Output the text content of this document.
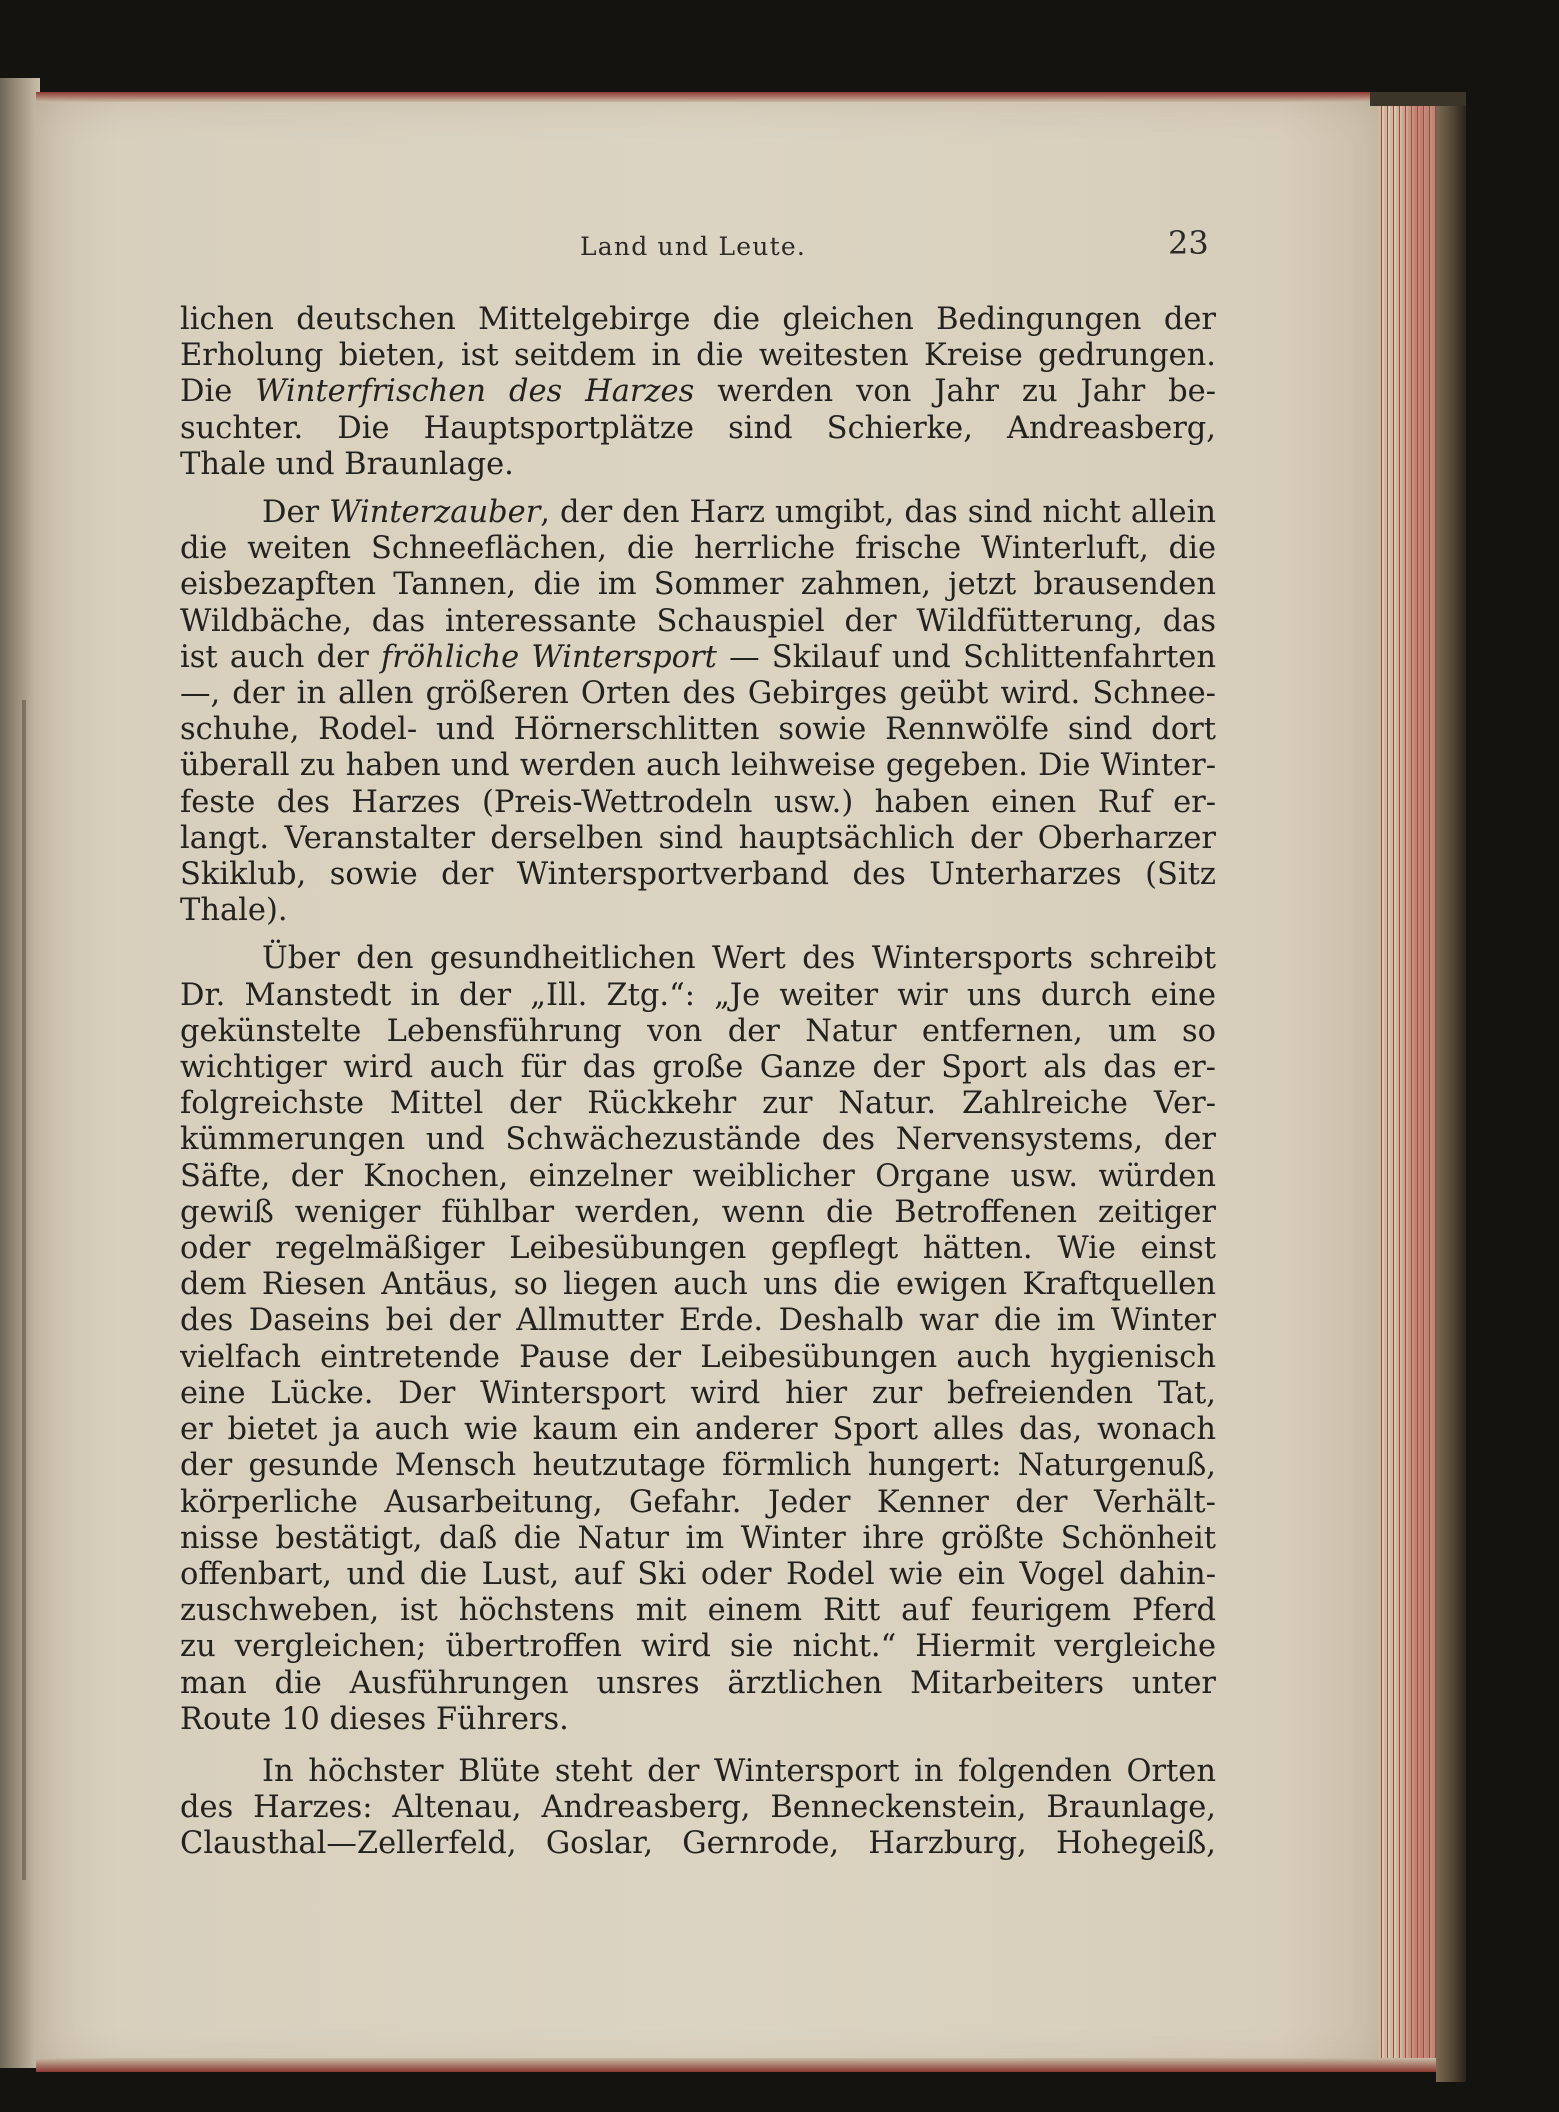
Land und Leute.	23

lichen deutschen Mittelgebirge die gleichen Bedingungen der
Erholung bieten, ist seitdem in die weitesten Kreise gedrungen.
Die Winterfrischen des Harzes werden von Jahr zu Jahr be-
suchter. Die Hauptsportplätze sind Schierke, Andreasberg,
Thale und Braunlage.

Der Winterzauber, der den Harz umgibt, das sind nicht allein
die weiten Schneeflächen, die herrliche frische Winterluft, die
eisbezapften Tannen, die im Sommer zahmen, jetzt brausenden
Wildbäche, das interessante Schauspiel der Wildfütterung, das
ist auch der fröhliche Wintersport — Skilauf und Schlittenfahrten
—, der in allen größeren Orten des Gebirges geübt wird. Schnee-
schuhe, Rodel- und Hörnerschlitten sowie Rennwölfe sind dort
überall zu haben und werden auch leihweise gegeben. Die Winter-
feste des Harzes (Preis-Wettrodeln usw.) haben einen Ruf er-
langt. Veranstalter derselben sind hauptsächlich der Oberharzer
Skiklub, sowie der Wintersportverband des Unterharzes (Sitz
Thale).

Über den gesundheitlichen Wert des Wintersports schreibt
Dr. Manstedt in der „Ill. Ztg.“: „Je weiter wir uns durch eine
gekünstelte Lebensführung von der Natur entfernen, um so
wichtiger wird auch für das große Ganze der Sport als das er-
folgreichste Mittel der Rückkehr zur Natur. Zahlreiche Ver-
kümmerungen und Schwächezustände des Nervensystems, der
Säfte, der Knochen, einzelner weiblicher Organe usw. würden
gewiß weniger fühlbar werden, wenn die Betroffenen zeitiger
oder regelmäßiger Leibesübungen gepflegt hätten. Wie einst
dem Riesen Antäus, so liegen auch uns die ewigen Kraftquellen
des Daseins bei der Allmutter Erde. Deshalb war die im Winter
vielfach eintretende Pause der Leibesübungen auch hygienisch
eine Lücke. Der Wintersport wird hier zur befreienden Tat,
er bietet ja auch wie kaum ein anderer Sport alles das, wonach
der gesunde Mensch heutzutage förmlich hungert: Naturgenuß,
körperliche Ausarbeitung, Gefahr. Jeder Kenner der Verhält-
nisse bestätigt, daß die Natur im Winter ihre größte Schönheit
offenbart, und die Lust, auf Ski oder Rodel wie ein Vogel dahin-
zuschweben, ist höchstens mit einem Ritt auf feurigem Pferd
zu vergleichen; übertroffen wird sie nicht.“ Hiermit vergleiche
man die Ausführungen unsres ärztlichen Mitarbeiters unter
Route 10 dieses Führers.

In höchster Blüte steht der Wintersport in folgenden Orten
des Harzes: Altenau, Andreasberg, Benneckenstein, Braunlage,
Clausthal—Zellerfeld, Goslar, Gernrode, Harzburg, Hohegeiß,
